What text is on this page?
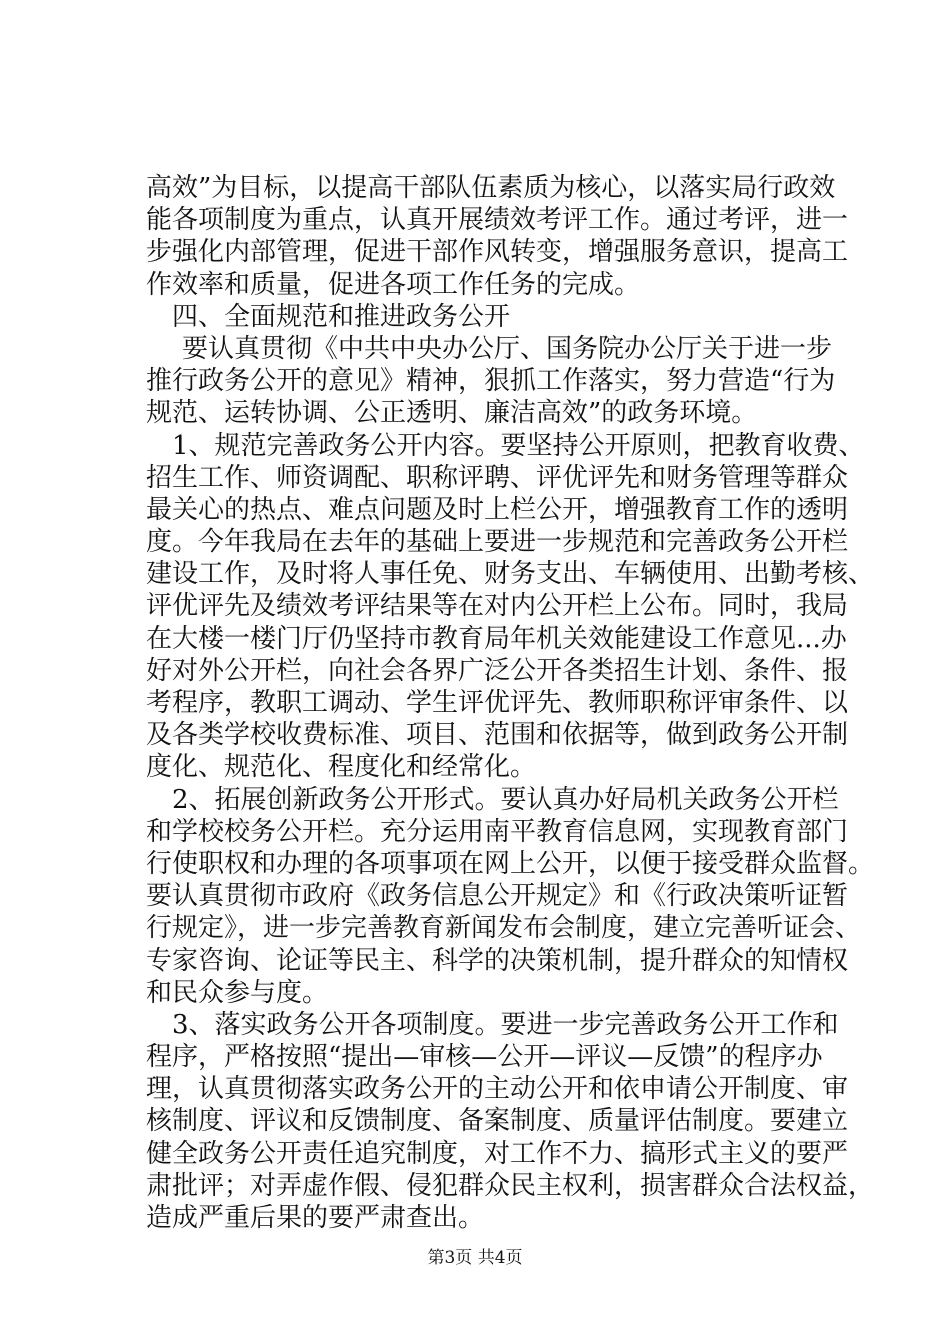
高效”为目标，以提高干部队伍素质为核心，以落实局行政效
能各项制度为重点，认真开展绩效考评工作。通过考评，进一
步强化内部管理，促进干部作风转变，增强服务意识，提高工
作效率和质量，促进各项工作任务的完成。
四、全面规范和推进政务公开
要认真贯彻《中共中央办公厅、国务院办公厅关于进一步
推行政务公开的意见》精神，狠抓工作落实，努力营造“行为
规范、运转协调、公正透明、廉洁高效”的政务环境。
1、规范完善政务公开内容。要坚持公开原则，把教育收费、
招生工作、师资调配、职称评聘、评优评先和财务管理等群众
最关心的热点、难点问题及时上栏公开，增强教育工作的透明
度。今年我局在去年的基础上要进一步规范和完善政务公开栏
建设工作，及时将人事任免、财务支出、车辆使用、出勤考核、
评优评先及绩效考评结果等在对内公开栏上公布。同时，我局
在大楼一楼门厅仍坚持市教育局年机关效能建设工作意见...办
好对外公开栏，向社会各界广泛公开各类招生计划、条件、报
考程序，教职工调动、学生评优评先、教师职称评审条件、以
及各类学校收费标准、项目、范围和依据等，做到政务公开制
度化、规范化、程度化和经常化。
2、拓展创新政务公开形式。要认真办好局机关政务公开栏
和学校校务公开栏。充分运用南平教育信息网，实现教育部门
行使职权和办理的各项事项在网上公开，以便于接受群众监督。
要认真贯彻市政府《政务信息公开规定》和《行政决策听证暂
行规定》，进一步完善教育新闻发布会制度，建立完善听证会、
专家咨询、论证等民主、科学的决策机制，提升群众的知情权
和民众参与度。
3、落实政务公开各项制度。要进一步完善政务公开工作和
程序，严格按照“提出—审核—公开—评议—反馈”的程序办
理，认真贯彻落实政务公开的主动公开和依申请公开制度、审
核制度、评议和反馈制度、备案制度、质量评估制度。要建立
健全政务公开责任追究制度，对工作不力、搞形式主义的要严
肃批评；对弄虚作假、侵犯群众民主权利，损害群众合法权益，
造成严重后果的要严肃查出。
第3页 共4页
